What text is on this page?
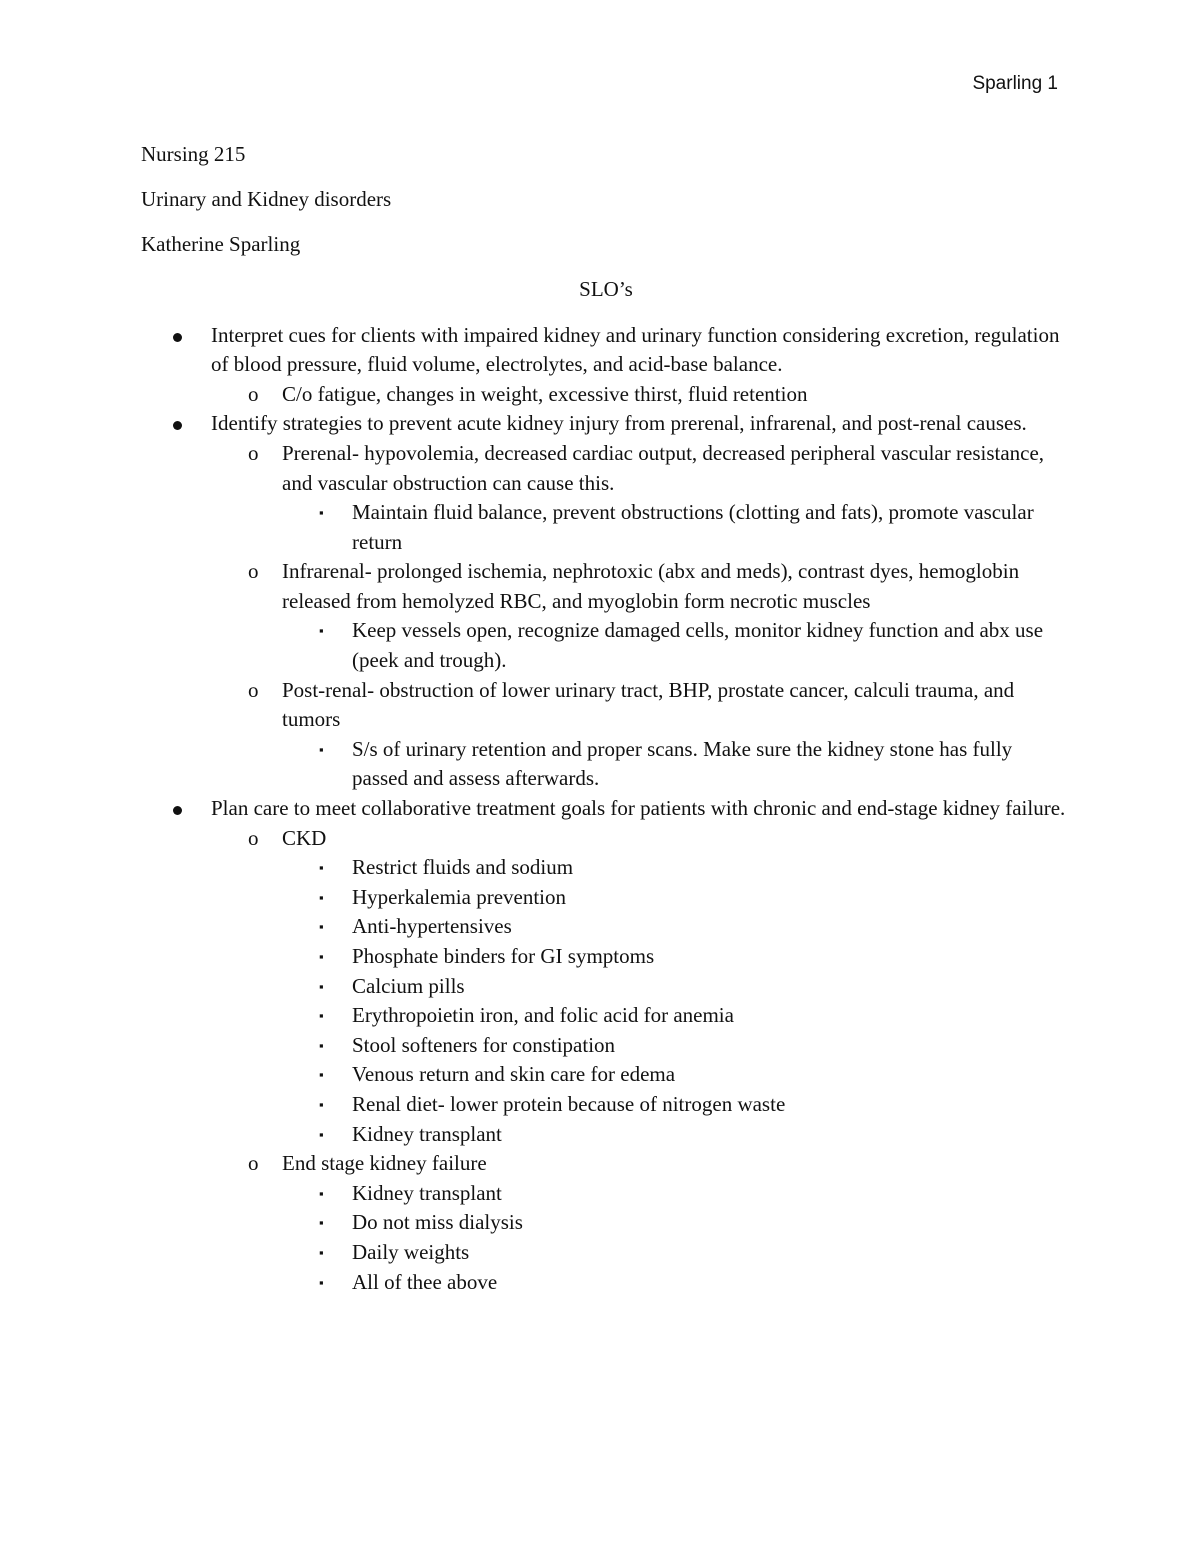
Sparling 1

Nursing 215

Urinary and Kidney disorders

Katherine Sparling

SLO’s

Interpret cues for clients with impaired kidney and urinary function considering excretion, regulation of blood pressure, fluid volume, electrolytes, and acid-base balance.
o C/o fatigue, changes in weight, excessive thirst, fluid retention
Identify strategies to prevent acute kidney injury from prerenal, infrarenal, and post-renal causes.
o Prerenal- hypovolemia, decreased cardiac output, decreased peripheral vascular resistance, and vascular obstruction can cause this.
▪ Maintain fluid balance, prevent obstructions (clotting and fats), promote vascular return
o Infrarenal- prolonged ischemia, nephrotoxic (abx and meds), contrast dyes, hemoglobin released from hemolyzed RBC, and myoglobin form necrotic muscles
▪ Keep vessels open, recognize damaged cells, monitor kidney function and abx use (peek and trough).
o Post-renal- obstruction of lower urinary tract, BHP, prostate cancer, calculi trauma, and tumors
▪ S/s of urinary retention and proper scans. Make sure the kidney stone has fully passed and assess afterwards.
Plan care to meet collaborative treatment goals for patients with chronic and end-stage kidney failure.
o CKD
▪ Restrict fluids and sodium
▪ Hyperkalemia prevention
▪ Anti-hypertensives
▪ Phosphate binders for GI symptoms
▪ Calcium pills
▪ Erythropoietin iron, and folic acid for anemia
▪ Stool softeners for constipation
▪ Venous return and skin care for edema
▪ Renal diet- lower protein because of nitrogen waste
▪ Kidney transplant
o End stage kidney failure
▪ Kidney transplant
▪ Do not miss dialysis
▪ Daily weights
▪ All of thee above
